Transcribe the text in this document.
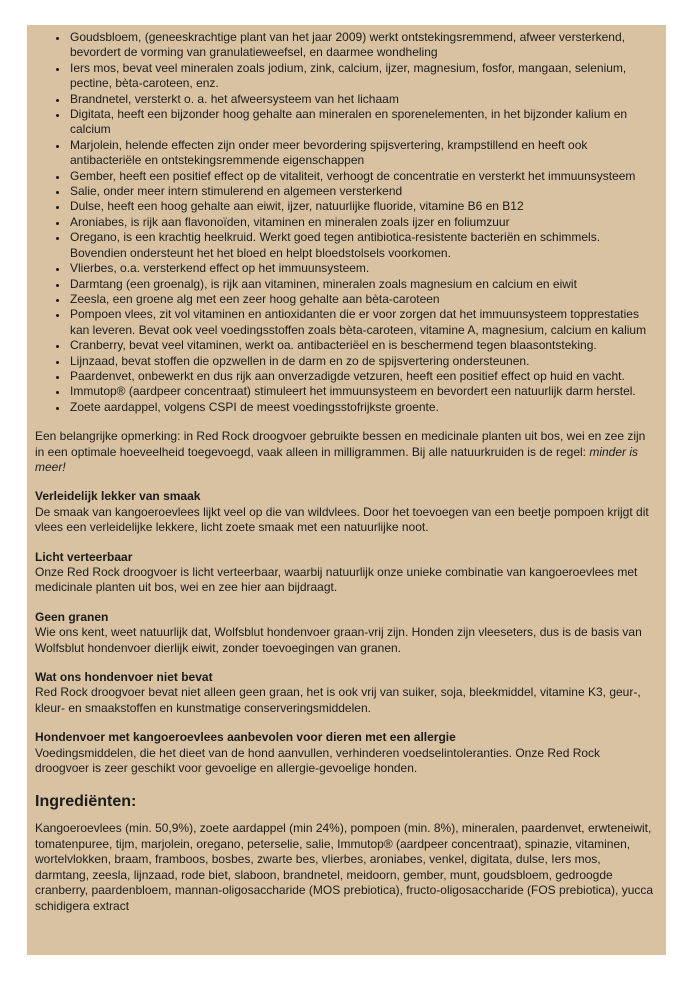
• Goudsbloem, (geneeskrachtige plant van het jaar 2009) werkt ontstekingsremmend, afweer versterkend, bevordert de vorming van granulatieweefsel, en daarmee wondheling
• Iers mos, bevat veel mineralen zoals jodium, zink, calcium, ijzer, magnesium, fosfor, mangaan, selenium, pectine, bèta-caroteen, enz.
• Brandnetel, versterkt o. a. het afweersysteem van het lichaam
• Digitata, heeft een bijzonder hoog gehalte aan mineralen en sporenelementen, in het bijzonder kalium en calcium
• Marjolein, helende effecten zijn onder meer bevordering spijsvertering, krampstillend en heeft ook antibacteriële en ontstekingsremmende eigenschappen
• Gember, heeft een positief effect op de vitaliteit, verhoogt de concentratie en versterkt het immuunsysteem
• Salie, onder meer intern stimulerend en algemeen versterkend
• Dulse, heeft een hoog gehalte aan eiwit, ijzer, natuurlijke fluoride, vitamine B6 en B12
• Aroniabes, is rijk aan flavonoïden, vitaminen en mineralen zoals ijzer en foliumzuur
• Oregano, is een krachtig heelkruid. Werkt goed tegen antibiotica-resistente bacteriën en schimmels. Bovendien ondersteunt het het bloed en helpt bloedstolsels voorkomen.
• Vlierbes, o.a. versterkend effect op het immuunsysteem.
• Darmtang (een groenalg), is rijk aan vitaminen, mineralen zoals magnesium en calcium en eiwit
• Zeesla, een groene alg met een zeer hoog gehalte aan bèta-caroteen
• Pompoen vlees, zit vol vitaminen en antioxidanten die er voor zorgen dat het immuunsysteem topprestaties kan leveren. Bevat ook veel voedingsstoffen zoals bèta-caroteen, vitamine A, magnesium, calcium en kalium
• Cranberry, bevat veel vitaminen, werkt oa. antibacteriëel en is beschermend tegen blaasontsteking.
• Lijnzaad, bevat stoffen die opzwellen in de darm en zo de spijsvertering ondersteunen.
• Paardenvet, onbewerkt en dus rijk aan onverzadigde vetzuren, heeft een positief effect op huid en vacht.
• Immutop® (aardpeer concentraat) stimuleert het immuunsysteem en bevordert een natuurlijk darm herstel.
• Zoete aardappel, volgens CSPI de meest voedingsstofrijkste groente.

Een belangrijke opmerking: in Red Rock droogvoer gebruikte bessen en medicinale planten uit bos, wei en zee zijn in een optimale hoeveelheid toegevoegd, vaak alleen in milligrammen. Bij alle natuurkruiden is de regel: minder is meer!

Verleidelijk lekker van smaak

De smaak van kangoeroevlees lijkt veel op die van wildvlees. Door het toevoegen van een beetje pompoen krijgt dit vlees een verleidelijke lekkere, licht zoete smaak met een natuurlijke noot.

Licht verteerbaar

Onze Red Rock droogvoer is licht verteerbaar, waarbij natuurlijk onze unieke combinatie van kangoeroevlees met medicinale planten uit bos, wei en zee hier aan bijdraagt.

Geen granen

Wie ons kent, weet natuurlijk dat, Wolfsblut hondenvoer graan-vrij zijn. Honden zijn vleeseters, dus is de basis van Wolfsblut hondenvoer dierlijk eiwit, zonder toevoegingen van granen.

Wat ons hondenvoer niet bevat

Red Rock droogvoer bevat niet alleen geen graan, het is ook vrij van suiker, soja, bleekmiddel, vitamine K3, geur-, kleur- en smaakstoffen en kunstmatige conserveringsmiddelen.

Hondenvoer met kangoeroevlees aanbevolen voor dieren met een allergie

Voedingsmiddelen, die het dieet van de hond aanvullen, verhinderen voedselintoleranties. Onze Red Rock droogvoer is zeer geschikt voor gevoelige en allergie-gevoelige honden.

Ingrediënten:

Kangoeroevlees (min. 50,9%), zoete aardappel (min 24%), pompoen (min. 8%), mineralen, paardenvet, erwteneiwit, tomatenpuree, tijm, marjolein, oregano, peterselie, salie, Immutop® (aardpeer concentraat), spinazie, vitaminen, wortelvlokken, braam, framboos, bosbes, zwarte bes, vlierbes, aroniabes, venkel, digitata, dulse, Iers mos, darmtang, zeesla, lijnzaad, rode biet, slaboon, brandnetel, meidoorn, gember, munt, goudsbloem, gedroogde cranberry, paardenbloem, mannan-oligosaccharide (MOS prebiotica), fructo-oligosaccharide (FOS prebiotica), yucca schidigera extract
